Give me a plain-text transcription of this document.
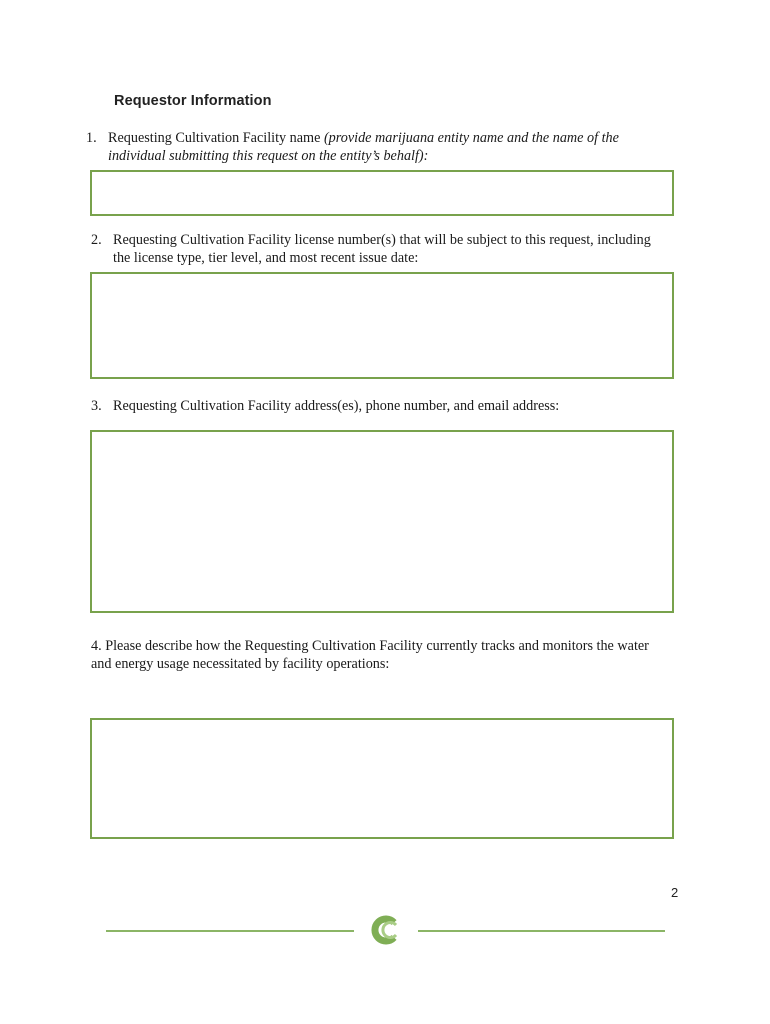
Requestor Information
1. Requesting Cultivation Facility name (provide marijuana entity name and the name of the individual submitting this request on the entity’s behalf):
2. Requesting Cultivation Facility license number(s) that will be subject to this request, including the license type, tier level, and most recent issue date:
3. Requesting Cultivation Facility address(es), phone number, and email address:
4. Please describe how the Requesting Cultivation Facility currently tracks and monitors the water and energy usage necessitated by facility operations:
2
